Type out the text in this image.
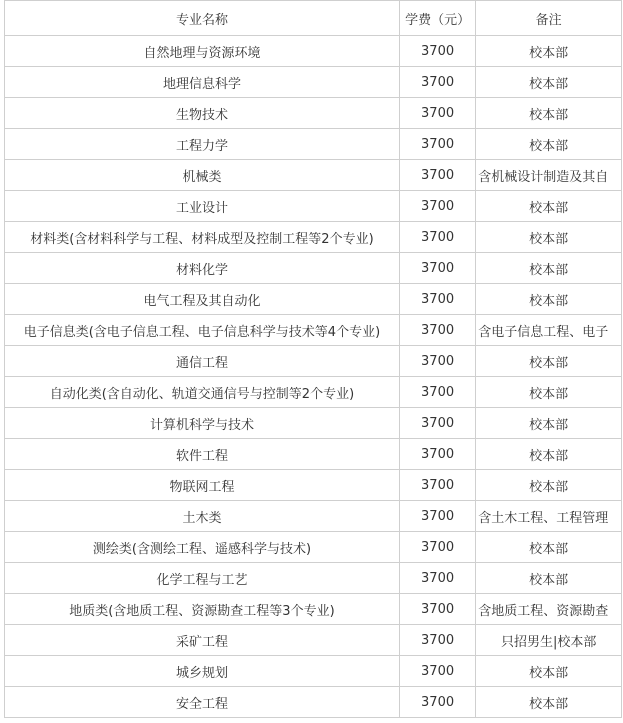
专业名称	学费（元）	备注
自然地理与资源环境	3700	校本部
地理信息科学	3700	校本部
生物技术	3700	校本部
工程力学	3700	校本部
机械类	3700	含机械设计制造及其自
工业设计	3700	校本部
材料类(含材料科学与工程、材料成型及控制工程等2个专业)	3700	校本部
材料化学	3700	校本部
电气工程及其自动化	3700	校本部
电子信息类(含电子信息工程、电子信息科学与技术等4个专业)	3700	含电子信息工程、电子
通信工程	3700	校本部
自动化类(含自动化、轨道交通信号与控制等2个专业)	3700	校本部
计算机科学与技术	3700	校本部
软件工程	3700	校本部
物联网工程	3700	校本部
土木类	3700	含土木工程、工程管理
测绘类(含测绘工程、遥感科学与技术)	3700	校本部
化学工程与工艺	3700	校本部
地质类(含地质工程、资源勘查工程等3个专业)	3700	含地质工程、资源勘查
采矿工程	3700	只招男生|校本部
城乡规划	3700	校本部
安全工程	3700	校本部
